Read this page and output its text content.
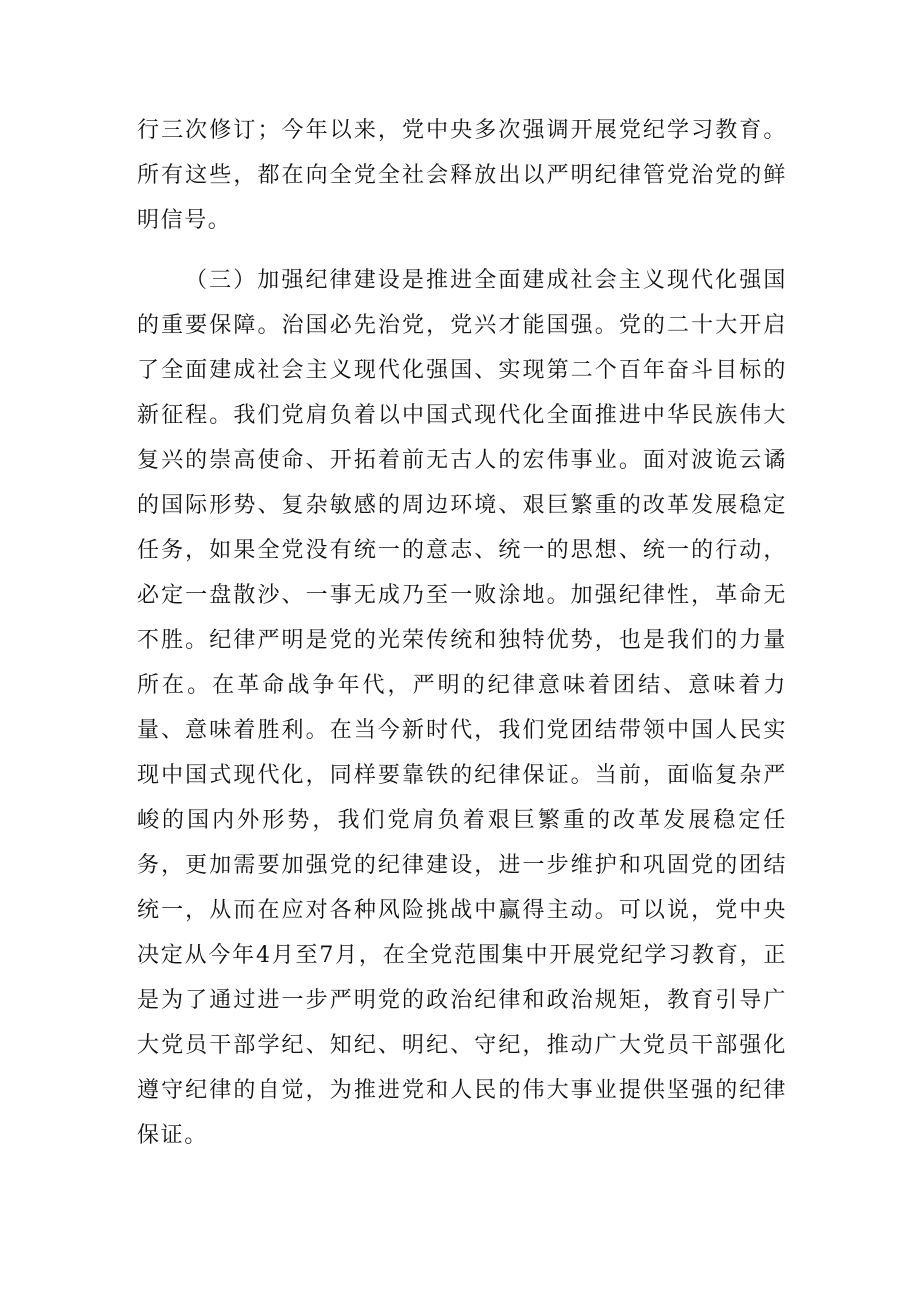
行三次修订；今年以来，党中央多次强调开展党纪学习教育。所有这些，都在向全党全社会释放出以严明纪律管党治党的鲜明信号。

（三）加强纪律建设是推进全面建成社会主义现代化强国的重要保障。治国必先治党，党兴才能国强。党的二十大开启了全面建成社会主义现代化强国、实现第二个百年奋斗目标的新征程。我们党肩负着以中国式现代化全面推进中华民族伟大复兴的崇高使命、开拓着前无古人的宏伟事业。面对波诡云谲的国际形势、复杂敏感的周边环境、艰巨繁重的改革发展稳定任务，如果全党没有统一的意志、统一的思想、统一的行动，必定一盘散沙、一事无成乃至一败涂地。加强纪律性，革命无不胜。纪律严明是党的光荣传统和独特优势，也是我们的力量所在。在革命战争年代，严明的纪律意味着团结、意味着力量、意味着胜利。在当今新时代，我们党团结带领中国人民实现中国式现代化，同样要靠铁的纪律保证。当前，面临复杂严峻的国内外形势，我们党肩负着艰巨繁重的改革发展稳定任务，更加需要加强党的纪律建设，进一步维护和巩固党的团结统一，从而在应对各种风险挑战中赢得主动。可以说，党中央决定从今年4月至7月，在全党范围集中开展党纪学习教育，正是为了通过进一步严明党的政治纪律和政治规矩，教育引导广大党员干部学纪、知纪、明纪、守纪，推动广大党员干部强化遵守纪律的自觉，为推进党和人民的伟大事业提供坚强的纪律保证。
